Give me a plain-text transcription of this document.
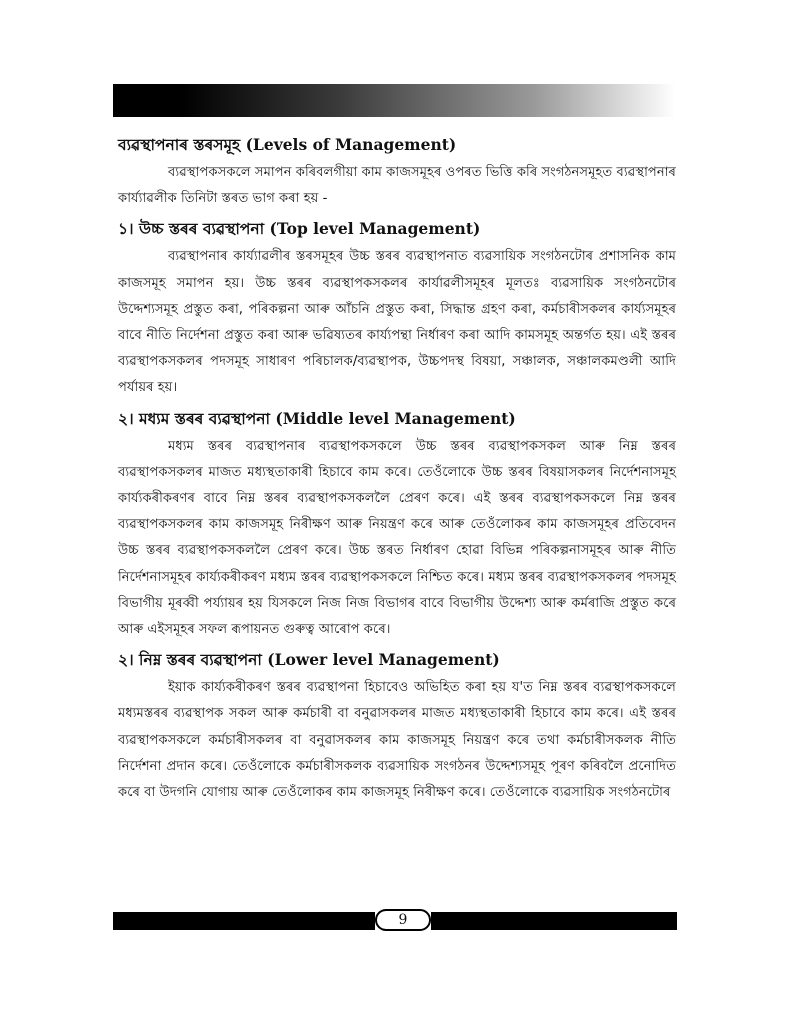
ব্যৱস্থাপনাৰ স্তৰসমূহ (Levels of Management)

ব্যৱস্থাপকসকলে সমাপন কৰিবলগীয়া কাম কাজসমূহৰ ওপৰত ভিত্তি কৰি সংগঠনসমূহত ব্যৱস্থাপনাৰ কাৰ্য্যাৱলীক তিনিটা স্তৰত ভাগ কৰা হয় -

১। উচ্চ স্তৰৰ ব্যৱস্থাপনা (Top level Management)

ব্যৱস্থাপনাৰ কাৰ্য্যাৱলীৰ স্তৰসমূহৰ উচ্চ স্তৰৰ ব্যৱস্থাপনাত ব্যৱসায়িক সংগঠনটোৰ প্ৰশাসনিক কাম কাজসমূহ সমাপন হয়। উচ্চ স্তৰৰ ব্যৱস্থাপকসকলৰ কাৰ্যাৱলীসমূহৰ মূলতঃ ব্যৱসায়িক সংগঠনটোৰ উদ্দেশ্যসমূহ প্ৰস্তুত কৰা, পৰিকল্পনা আৰু আঁচনি প্ৰস্তুত কৰা, সিদ্ধান্ত গ্ৰহণ কৰা, কৰ্মচাৰীসকলৰ কাৰ্য্যসমূহৰ বাবে নীতি নিৰ্দেশনা প্ৰস্তুত কৰা আৰু ভৱিষ্যতৰ কাৰ্য্যপন্থা নিৰ্ধাৰণ কৰা আদি কামসমূহ অন্তৰ্গত হয়। এই স্তৰৰ ব্যৱস্থাপকসকলৰ পদসমূহ সাধাৰণ পৰিচালক/ব্যৱস্থাপক, উচ্চপদস্থ বিষয়া, সঞ্চালক, সঞ্চালকমণ্ডলী আদি পৰ্যায়ৰ হয়।

২। মধ্যম স্তৰৰ ব্যৱস্থাপনা (Middle level Management)

মধ্যম স্তৰৰ ব্যৱস্থাপনাৰ ব্যৱস্থাপকসকলে উচ্চ স্তৰৰ ব্যৱস্থাপকসকল আৰু নিম্ন স্তৰৰ ব্যৱস্থাপকসকলৰ মাজত মধ্যস্থতাকাৰী হিচাবে কাম কৰে। তেওঁলোকে উচ্চ স্তৰৰ বিষয়াসকলৰ নিৰ্দেশনাসমূহ কাৰ্য্যকৰীকৰণৰ বাবে নিম্ন স্তৰৰ ব্যৱস্থাপকসকললৈ প্ৰেৰণ কৰে। এই স্তৰৰ ব্যৱস্থাপকসকলে নিম্ন স্তৰৰ ব্যৱস্থাপকসকলৰ কাম কাজসমূহ নিৰীক্ষণ আৰু নিয়ন্ত্ৰণ কৰে আৰু তেওঁলোকৰ কাম কাজসমূহৰ প্ৰতিবেদন উচ্চ স্তৰৰ ব্যৱস্থাপকসকললৈ প্ৰেৰণ কৰে। উচ্চ স্তৰত নিৰ্ধাৰণ হোৱা বিভিন্ন পৰিকল্পনাসমূহৰ আৰু নীতি নিৰ্দেশনাসমূহৰ কাৰ্য্যকৰীকৰণ মধ্যম স্তৰৰ ব্যৱস্থাপকসকলে নিশ্চিত কৰে। মধ্যম স্তৰৰ ব্যৱস্থাপকসকলৰ পদসমূহ বিভাগীয় মূৰব্বী পৰ্য্যায়ৰ হয় যিসকলে নিজ নিজ বিভাগৰ বাবে বিভাগীয় উদ্দেশ্য আৰু কৰ্মৰাজি প্ৰস্তুত কৰে আৰু এইসমূহৰ সফল ৰূপায়নত গুৰুত্ব আৰোপ কৰে।

২। নিম্ন স্তৰৰ ব্যৱস্থাপনা (Lower level Management)

ইয়াক কাৰ্য্যকৰীকৰণ স্তৰৰ ব্যৱস্থাপনা হিচাবেও অভিহিত কৰা হয় য'ত নিম্ন স্তৰৰ ব্যৱস্থাপকসকলে মধ্যমস্তৰৰ ব্যৱস্থাপক সকল আৰু কৰ্মচাৰী বা বনুৱাসকলৰ মাজত মধ্যস্থতাকাৰী হিচাবে কাম কৰে। এই স্তৰৰ ব্যৱস্থাপকসকলে কৰ্মচাৰীসকলৰ বা বনুৱাসকলৰ কাম কাজসমূহ নিয়ন্ত্ৰণ কৰে তথা কৰ্মচাৰীসকলক নীতি নিৰ্দেশনা প্ৰদান কৰে। তেওঁলোকে কৰ্মচাৰীসকলক ব্যৱসায়িক সংগঠনৰ উদ্দেশ্যসমূহ পূৰণ কৰিবলৈ প্ৰনোদিত কৰে বা উদগনি যোগায় আৰু তেওঁলোকৰ কাম কাজসমূহ নিৰীক্ষণ কৰে। তেওঁলোকে ব্যৱসায়িক সংগঠনটোৰ

9
